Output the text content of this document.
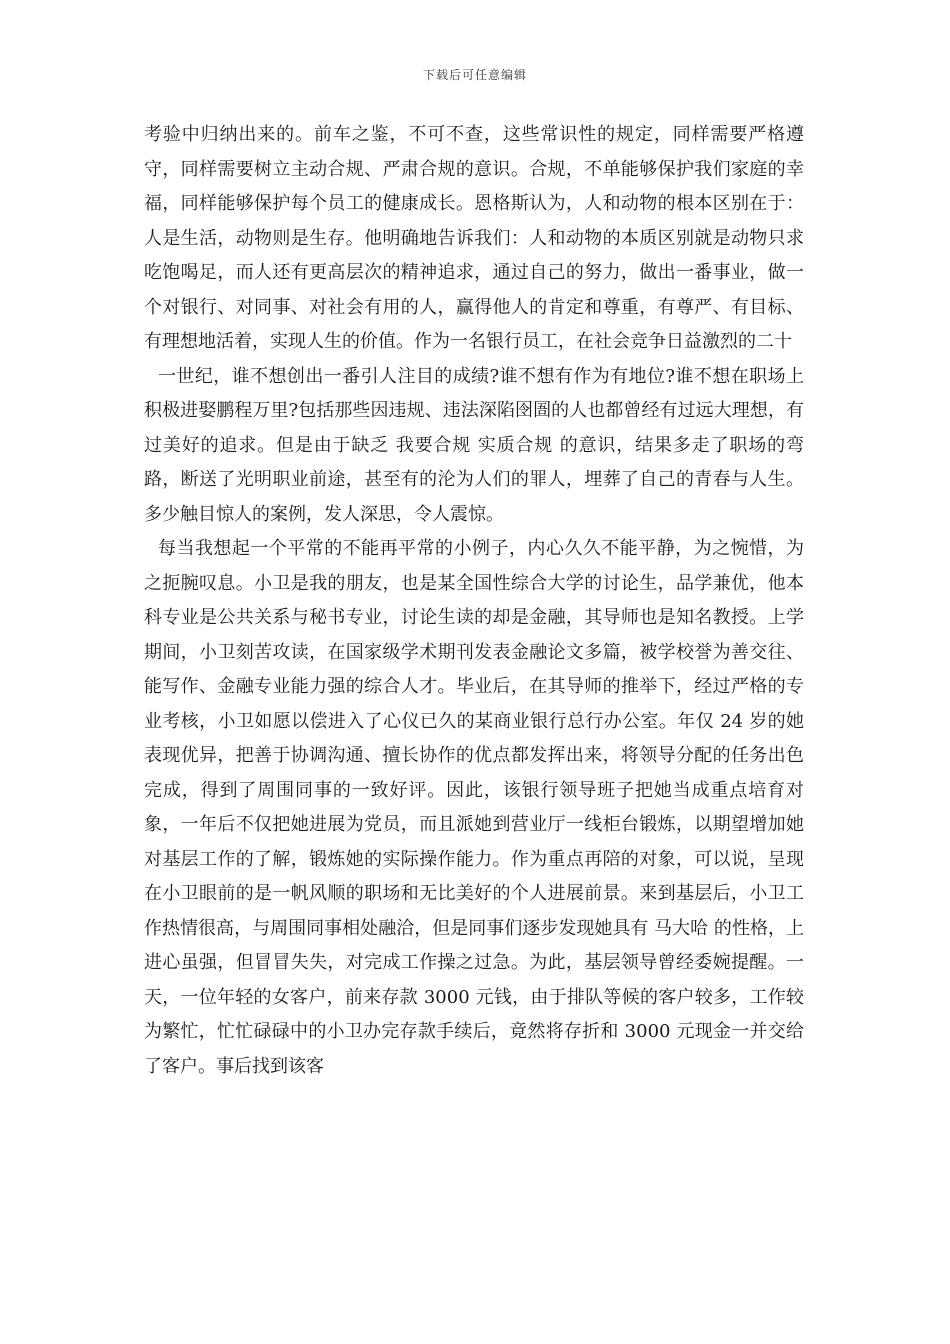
下载后可任意编辑

考验中归纳出来的。前车之鉴，不可不查，这些常识性的规定，同样需要严格遵守，同样需要树立主动合规、严肃合规的意识。合规，不单能够保护我们家庭的幸福，同样能够保护每个员工的健康成长。恩格斯认为，人和动物的根本区别在于：人是生活，动物则是生存。他明确地告诉我们：人和动物的本质区别就是动物只求吃饱喝足，而人还有更高层次的精神追求，通过自己的努力，做出一番事业，做一个对银行、对同事、对社会有用的人，赢得他人的肯定和尊重，有尊严、有目标、有理想地活着，实现人生的价值。作为一名银行员工，在社会竞争日益激烈的二十

一世纪，谁不想创出一番引人注目的成绩?谁不想有作为有地位?谁不想在职场上积极进娶鹏程万里?包括那些因违规、违法深陷囹圄的人也都曾经有过远大理想，有过美好的追求。但是由于缺乏 我要合规 实质合规 的意识，结果多走了职场的弯路，断送了光明职业前途，甚至有的沦为人们的罪人，埋葬了自己的青春与人生。多少触目惊人的案例，发人深思，令人震惊。

每当我想起一个平常的不能再平常的小例子，内心久久不能平静，为之惋惜，为之扼腕叹息。小卫是我的朋友，也是某全国性综合大学的讨论生，品学兼优，他本科专业是公共关系与秘书专业，讨论生读的却是金融，其导师也是知名教授。上学期间，小卫刻苦攻读，在国家级学术期刊发表金融论文多篇，被学校誉为善交往、能写作、金融专业能力强的综合人才。毕业后，在其导师的推举下，经过严格的专业考核，小卫如愿以偿进入了心仪已久的某商业银行总行办公室。年仅 24 岁的她表现优异，把善于协调沟通、擅长协作的优点都发挥出来，将领导分配的任务出色完成，得到了周围同事的一致好评。因此，该银行领导班子把她当成重点培育对象，一年后不仅把她进展为党员，而且派她到营业厅一线柜台锻炼，以期望增加她对基层工作的了解，锻炼她的实际操作能力。作为重点再陪的对象，可以说，呈现在小卫眼前的是一帆风顺的职场和无比美好的个人进展前景。来到基层后，小卫工作热情很高，与周围同事相处融洽，但是同事们逐步发现她具有 马大哈 的性格，上进心虽强，但冒冒失失，对完成工作操之过急。为此，基层领导曾经委婉提醒。一天，一位年轻的女客户，前来存款 3000 元钱，由于排队等候的客户较多，工作较为繁忙，忙忙碌碌中的小卫办完存款手续后，竟然将存折和 3000 元现金一并交给了客户。事后找到该客
